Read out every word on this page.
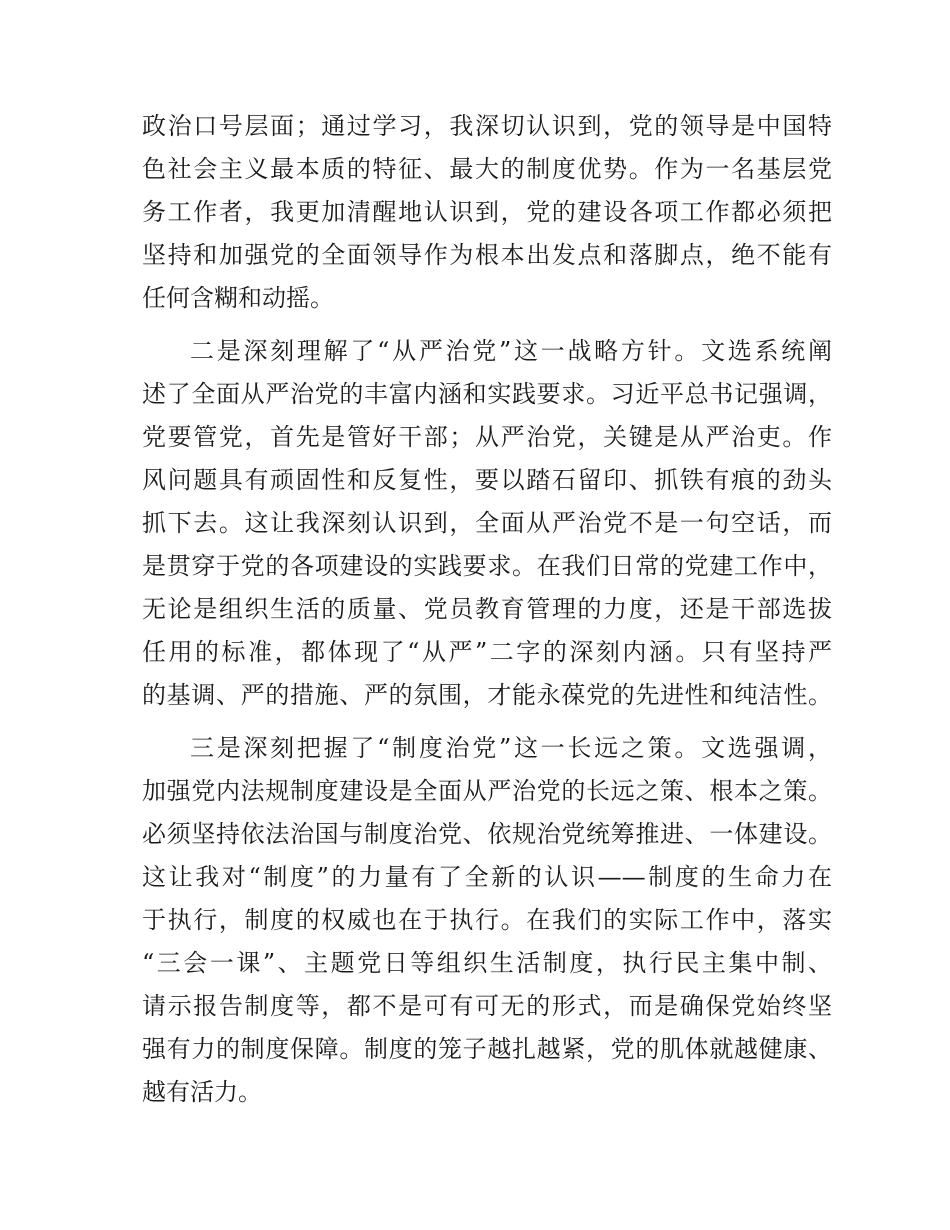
政治口号层面；通过学习，我深切认识到，党的领导是中国特
色社会主义最本质的特征、最大的制度优势。作为一名基层党
务工作者，我更加清醒地认识到，党的建设各项工作都必须把
坚持和加强党的全面领导作为根本出发点和落脚点，绝不能有
任何含糊和动摇。
二是深刻理解了“从严治党”这一战略方针。文选系统阐
述了全面从严治党的丰富内涵和实践要求。习近平总书记强调，
党要管党，首先是管好干部；从严治党，关键是从严治吏。作
风问题具有顽固性和反复性，要以踏石留印、抓铁有痕的劲头
抓下去。这让我深刻认识到，全面从严治党不是一句空话，而
是贯穿于党的各项建设的实践要求。在我们日常的党建工作中，
无论是组织生活的质量、党员教育管理的力度，还是干部选拔
任用的标准，都体现了“从严”二字的深刻内涵。只有坚持严
的基调、严的措施、严的氛围，才能永葆党的先进性和纯洁性。
三是深刻把握了“制度治党”这一长远之策。文选强调，
加强党内法规制度建设是全面从严治党的长远之策、根本之策。
必须坚持依法治国与制度治党、依规治党统筹推进、一体建设。
这让我对“制度”的力量有了全新的认识——制度的生命力在
于执行，制度的权威也在于执行。在我们的实际工作中，落实
“三会一课”、主题党日等组织生活制度，执行民主集中制、
请示报告制度等，都不是可有可无的形式，而是确保党始终坚
强有力的制度保障。制度的笼子越扎越紧，党的肌体就越健康、
越有活力。
